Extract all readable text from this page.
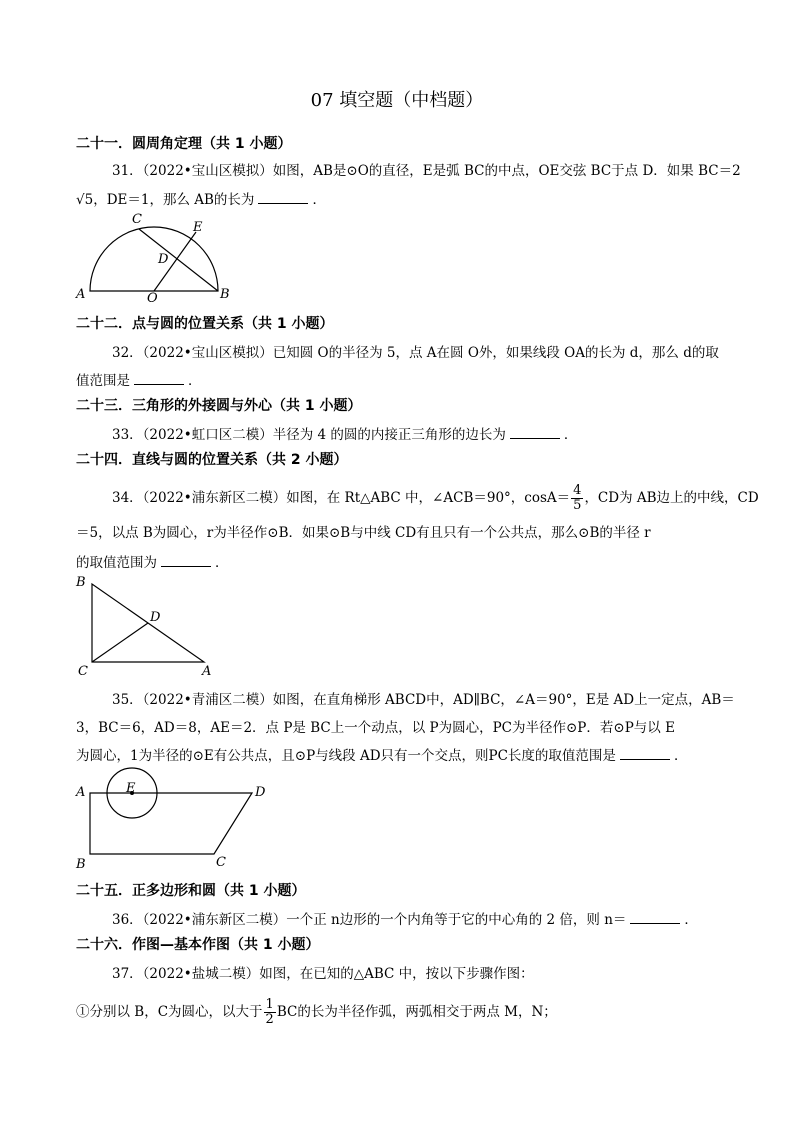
07 填空题（中档题）
二十一．圆周角定理（共 1 小题）
31．（2022•宝山区模拟）如图，AB是⊙O的直径，E是弧 BC的中点，OE交弦 BC于点 D．如果 BC＝2
√5，DE＝1，那么 AB的长为	．
A	B
C
D
E
O
二十二．点与圆的位置关系（共 1 小题）
32．（2022•宝山区模拟）已知圆 O的半径为 5，点 A在圆 O外，如果线段 OA的长为 d，那么 d的取
值范围是	．
二十三．三角形的外接圆与外心（共 1 小题）
33．（2022•虹口区二模）半径为 4 的圆的内接正三角形的边长为	．
二十四．直线与圆的位置关系（共 2 小题）
34．（2022•浦东新区二模）如图，在 Rt△ABC 中，∠ACB＝90°，$\cos A= \frac{4}{5}$ ，CD为 AB边上的中线，CD
＝5，以点 B为圆心，r为半径作⊙B．如果⊙B与中线 CD有且只有一个公共点，那么⊙B的半径 r
的取值范围为	．
B
C	A
D
35．（2022•青浦区二模）如图，在直角梯形 ABCD中，AD∥BC，∠A＝90°，E是 AD上一定点，AB＝
3，BC＝6，AD＝8，AE＝2．点 P是 BC上一个动点，以 P为圆心，PC为半径作⊙P．若⊙P与以 E
为圆心，1为半径的⊙E有公共点，且⊙P与线段 AD只有一个交点，则PC长度的取值范围是	．
A	E	D
B	C
二十五．正多边形和圆（共 1 小题）
36．（2022•浦东新区二模）一个正 n边形的一个内角等于它的中心角的 2 倍，则 n＝	．
二十六．作图—基本作图（共 1 小题）
37．（2022•盐城二模）如图，在已知的△ABC 中，按以下步骤作图：
①分别以 B，C为圆心，以大于 $\frac{1}{2}$ BC的长为半径作弧，两弧相交于两点 M，N；
